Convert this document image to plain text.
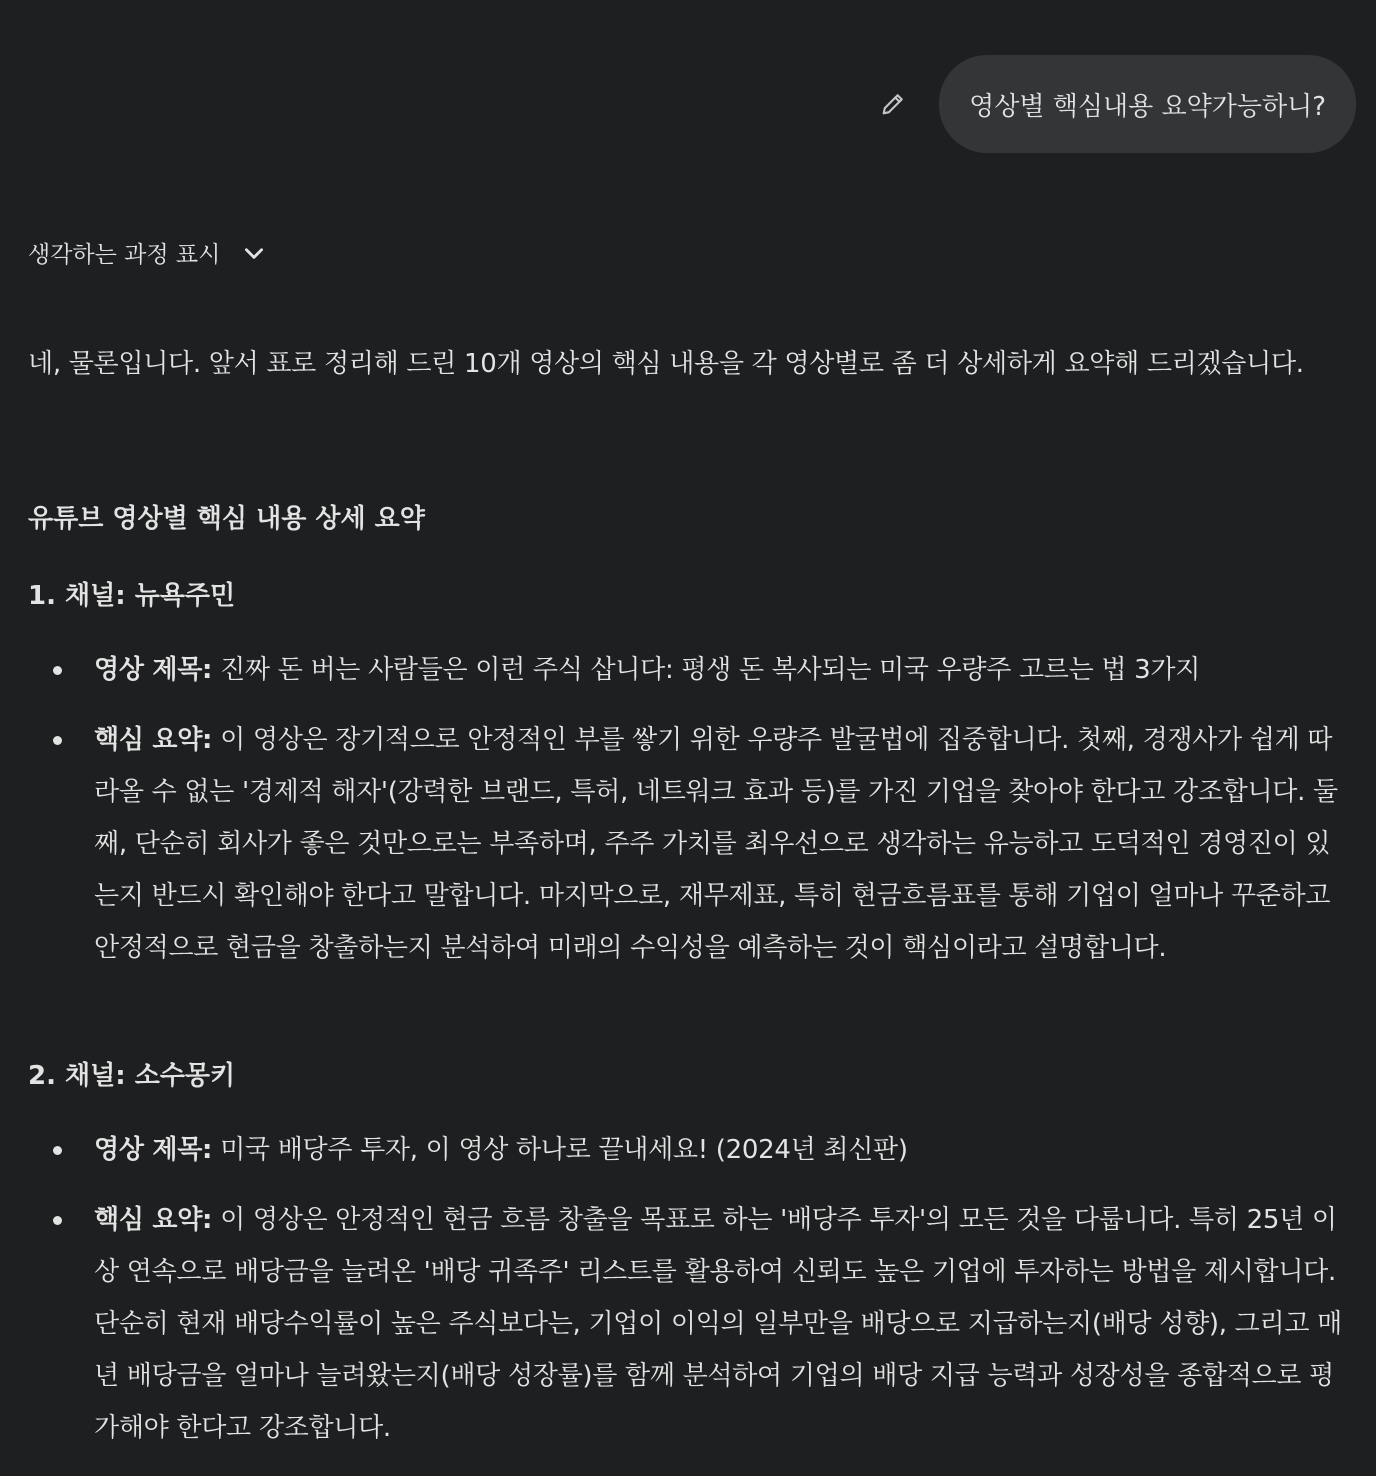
영상별 핵심내용 요약가능하니?
생각하는 과정 표시

네, 물론입니다. 앞서 표로 정리해 드린 10개 영상의 핵심 내용을 각 영상별로 좀 더 상세하게 요약해 드리겠습니다.

유튜브 영상별 핵심 내용 상세 요약
1. 채널: 뉴욕주민
영상 제목: 진짜 돈 버는 사람들은 이런 주식 삽니다: 평생 돈 복사되는 미국 우량주 고르는 법 3가지
핵심 요약: 이 영상은 장기적으로 안정적인 부를 쌓기 위한 우량주 발굴법에 집중합니다. 첫째, 경쟁사가 쉽게 따라올 수 없는 '경제적 해자'(강력한 브랜드, 특허, 네트워크 효과 등)를 가진 기업을 찾아야 한다고 강조합니다. 둘째, 단순히 회사가 좋은 것만으로는 부족하며, 주주 가치를 최우선으로 생각하는 유능하고 도덕적인 경영진이 있는지 반드시 확인해야 한다고 말합니다. 마지막으로, 재무제표, 특히 현금흐름표를 통해 기업이 얼마나 꾸준하고 안정적으로 현금을 창출하는지 분석하여 미래의 수익성을 예측하는 것이 핵심이라고 설명합니다.
2. 채널: 소수몽키
영상 제목: 미국 배당주 투자, 이 영상 하나로 끝내세요! (2024년 최신판)
핵심 요약: 이 영상은 안정적인 현금 흐름 창출을 목표로 하는 '배당주 투자'의 모든 것을 다룹니다. 특히 25년 이상 연속으로 배당금을 늘려온 '배당 귀족주' 리스트를 활용하여 신뢰도 높은 기업에 투자하는 방법을 제시합니다. 단순히 현재 배당수익률이 높은 주식보다는, 기업이 이익의 일부만을 배당으로 지급하는지(배당 성향), 그리고 매년 배당금을 얼마나 늘려왔는지(배당 성장률)를 함께 분석하여 기업의 배당 지급 능력과 성장성을 종합적으로 평가해야 한다고 강조합니다.
